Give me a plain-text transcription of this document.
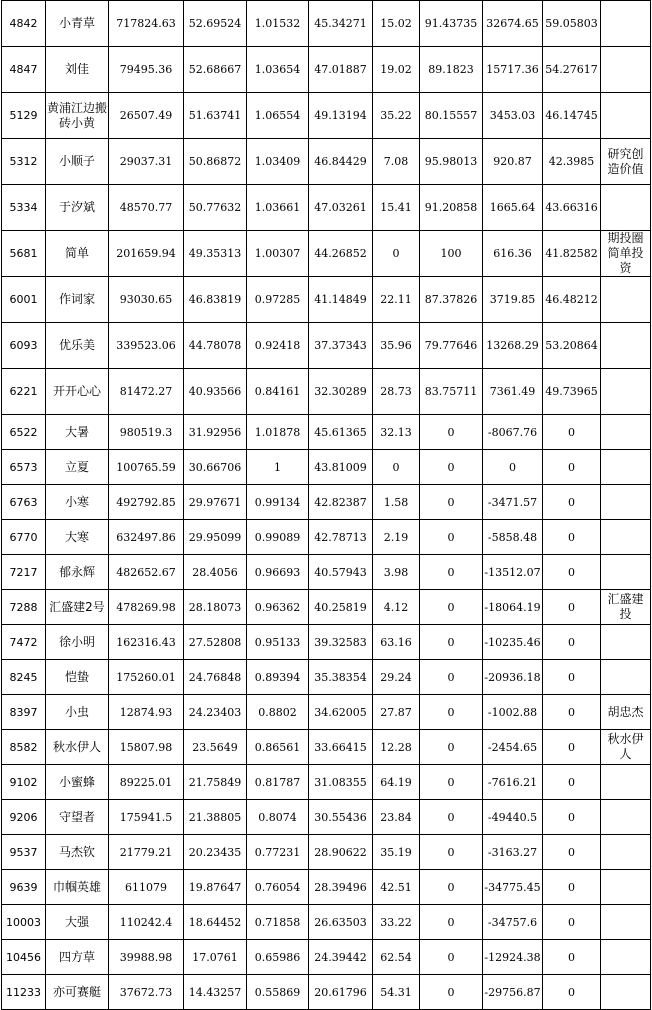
4842	小青草	717824.63	52.69524	1.01532	45.34271	15.02	91.43735	32674.65	59.05803	
4847	刘佳	79495.36	52.68667	1.03654	47.01887	19.02	89.1823	15717.36	54.27617	
5129	黄浦江边搬砖小黄	26507.49	51.63741	1.06554	49.13194	35.22	80.15557	3453.03	46.14745	
5312	小顺子	29037.31	50.86872	1.03409	46.84429	7.08	95.98013	920.87	42.3985	研究创造价值
5334	于汐斌	48570.77	50.77632	1.03661	47.03261	15.41	91.20858	1665.64	43.66316	
5681	简单	201659.94	49.35313	1.00307	44.26852	0	100	616.36	41.82582	期投圈简单投资
6001	作词家	93030.65	46.83819	0.97285	41.14849	22.11	87.37826	3719.85	46.48212	
6093	优乐美	339523.06	44.78078	0.92418	37.37343	35.96	79.77646	13268.29	53.20864	
6221	开开心心	81472.27	40.93566	0.84161	32.30289	28.73	83.75711	7361.49	49.73965	
6522	大暑	980519.3	31.92956	1.01878	45.61365	32.13	0	-8067.76	0	
6573	立夏	100765.59	30.66706	1	43.81009	0	0	0	0	
6763	小寒	492792.85	29.97671	0.99134	42.82387	1.58	0	-3471.57	0	
6770	大寒	632497.86	29.95099	0.99089	42.78713	2.19	0	-5858.48	0	
7217	郁永辉	482652.67	28.4056	0.96693	40.57943	3.98	0	-13512.07	0	
7288	汇盛建2号	478269.98	28.18073	0.96362	40.25819	4.12	0	-18064.19	0	汇盛建投
7472	徐小明	162316.43	27.52808	0.95133	39.32583	63.16	0	-10235.46	0	
8245	恺蛰	175260.01	24.76848	0.89394	35.38354	29.24	0	-20936.18	0	
8397	小虫	12874.93	24.23403	0.8802	34.62005	27.87	0	-1002.88	0	胡忠杰
8582	秋水伊人	15807.98	23.5649	0.86561	33.66415	12.28	0	-2454.65	0	秋水伊人
9102	小蜜蜂	89225.01	21.75849	0.81787	31.08355	64.19	0	-7616.21	0	
9206	守望者	175941.5	21.38805	0.8074	30.55436	23.84	0	-49440.5	0	
9537	马杰钦	21779.21	20.23435	0.77231	28.90622	35.19	0	-3163.27	0	
9639	巾帼英雄	611079	19.87647	0.76054	28.39496	42.51	0	-34775.45	0	
10003	大强	110242.4	18.64452	0.71858	26.63503	33.22	0	-34757.6	0	
10456	四方草	39988.98	17.0761	0.65986	24.39442	62.54	0	-12924.38	0	
11233	亦可赛艇	37672.73	14.43257	0.55869	20.61796	54.31	0	-29756.87	0	
